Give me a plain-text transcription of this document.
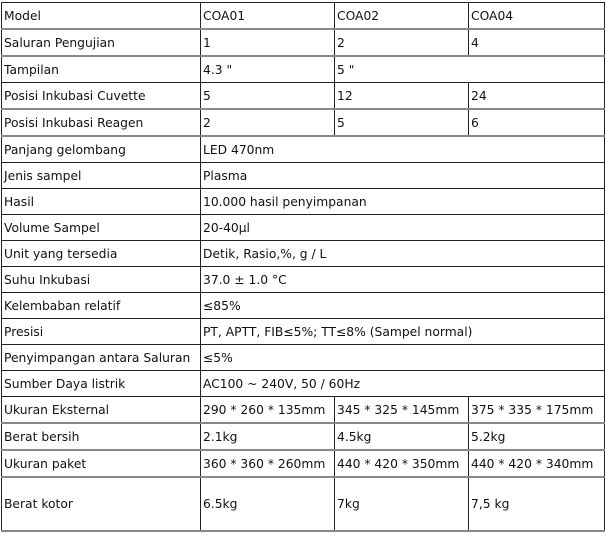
Model	COA01	COA02	COA04
Saluran Pengujian	1	2	4
Tampilan	4.3 "	5 "	
Posisi Inkubasi Cuvette	5	12	24
Posisi Inkubasi Reagen	2	5	6
Panjang gelombang	LED 470nm		
Jenis sampel	Plasma		
Hasil	10.000 hasil penyimpanan		
Volume Sampel	20-40μl		
Unit yang tersedia	Detik, Rasio,%, g / L		
Suhu Inkubasi	37.0 ± 1.0 °C		
Kelembaban relatif	≤85%		
Presisi	PT, APTT, FIB≤5%; TT≤8% (Sampel normal)		
Penyimpangan antara Saluran	≤5%		
Sumber Daya listrik	AC100 ~ 240V, 50 / 60Hz		
Ukuran Eksternal	290 * 260 * 135mm	345 * 325 * 145mm	375 * 335 * 175mm
Berat bersih	2.1kg	4.5kg	5.2kg
Ukuran paket	360 * 360 * 260mm	440 * 420 * 350mm	440 * 420 * 340mm
Berat kotor	6.5kg	7kg	7,5 kg
